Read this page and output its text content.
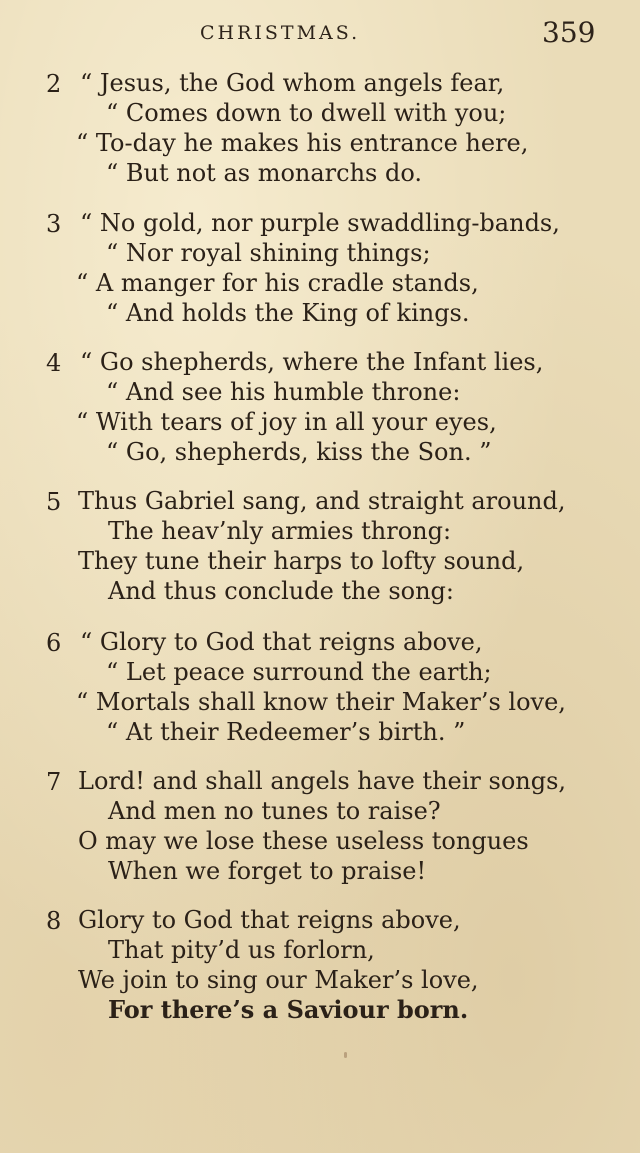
CHRISTMAS.	359
2 “ Jesus, the God whom angels fear,
“ Comes down to dwell with you;
“ To-day he makes his entrance here,
“ But not as monarchs do.
3 “ No gold, nor purple swaddling-bands,
“ Nor royal shining things;
“ A manger for his cradle stands,
“ And holds the King of kings.
4 “ Go shepherds, where the Infant lies,
“ And see his humble throne:
“ With tears of joy in all your eyes,
“ Go, shepherds, kiss the Son. ”
5 Thus Gabriel sang, and straight around,
The heav’nly armies throng:
They tune their harps to lofty sound,
And thus conclude the song:
6 “ Glory to God that reigns above,
“ Let peace surround the earth;
“ Mortals shall know their Maker’s love,
“ At their Redeemer’s birth. ”
7 Lord! and shall angels have their songs,
And men no tunes to raise?
O may we lose these useless tongues
When we forget to praise!
8 Glory to God that reigns above,
That pity’d us forlorn,
We join to sing our Maker’s love,
For there’s a Saviour born.
